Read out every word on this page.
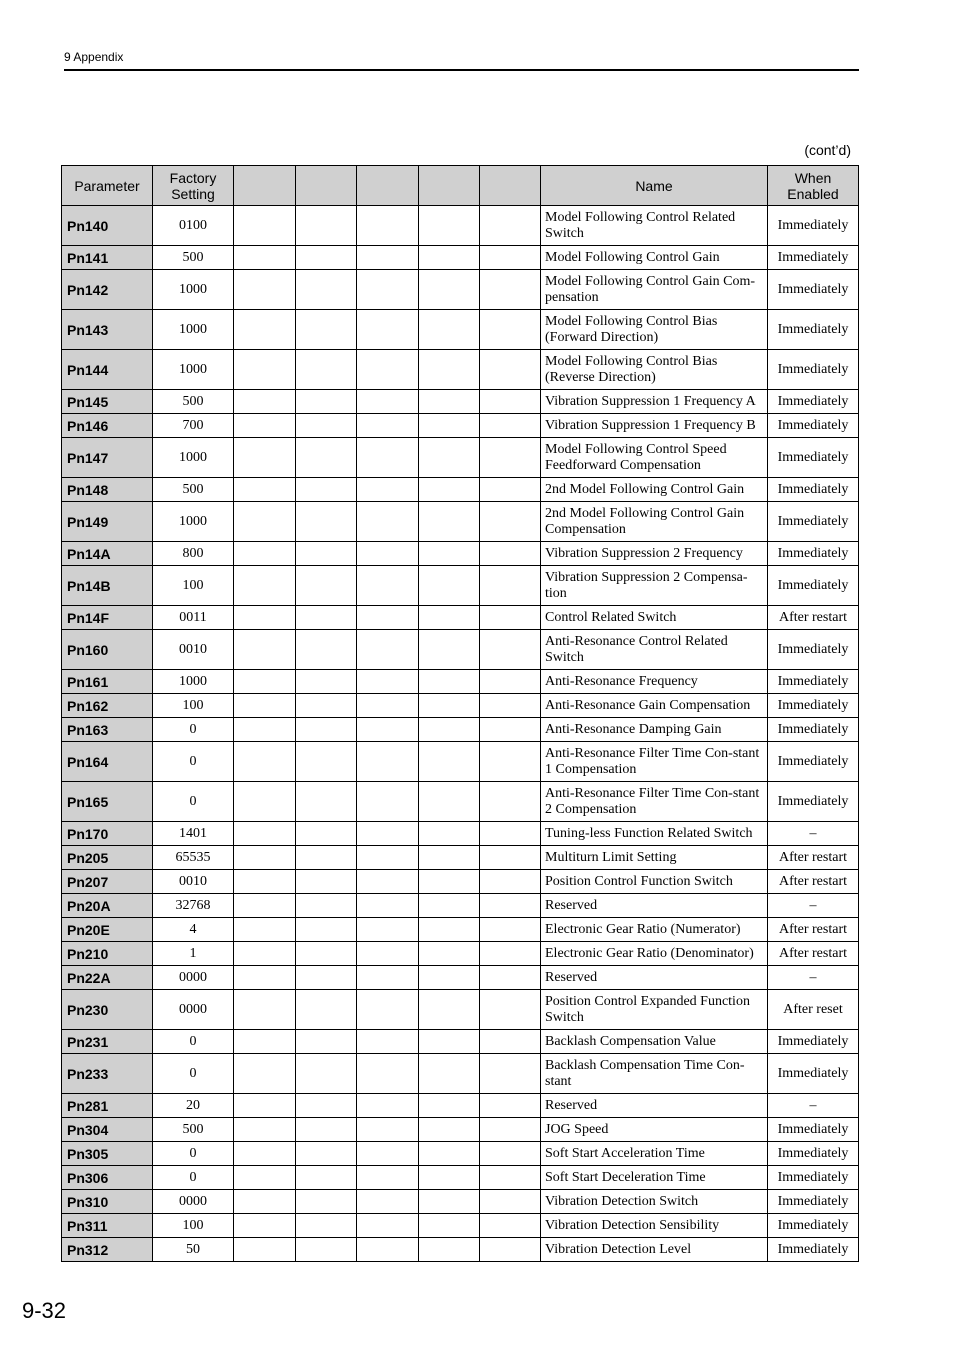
9 Appendix
(cont’d)
Parameter	Factory Setting						Name	When Enabled
Pn140	0100						Model Following Control Related Switch	Immediately
Pn141	500						Model Following Control Gain	Immediately
Pn142	1000						Model Following Control Gain Com-pensation	Immediately
Pn143	1000						Model Following Control Bias (Forward Direction)	Immediately
Pn144	1000						Model Following Control Bias (Reverse Direction)	Immediately
Pn145	500						Vibration Suppression 1 Frequency A	Immediately
Pn146	700						Vibration Suppression 1 Frequency B	Immediately
Pn147	1000						Model Following Control Speed Feedforward Compensation	Immediately
Pn148	500						2nd Model Following Control Gain	Immediately
Pn149	1000						2nd Model Following Control Gain Compensation	Immediately
Pn14A	800						Vibration Suppression 2 Frequency	Immediately
Pn14B	100						Vibration Suppression 2 Compensa-tion	Immediately
Pn14F	0011						Control Related Switch	After restart
Pn160	0010						Anti-Resonance Control Related Switch	Immediately
Pn161	1000						Anti-Resonance Frequency	Immediately
Pn162	100						Anti-Resonance Gain Compensation	Immediately
Pn163	0						Anti-Resonance Damping Gain	Immediately
Pn164	0						Anti-Resonance Filter Time Con-stant 1 Compensation	Immediately
Pn165	0						Anti-Resonance Filter Time Con-stant 2 Compensation	Immediately
Pn170	1401						Tuning-less Function Related Switch	–
Pn205	65535						Multiturn Limit Setting	After restart
Pn207	0010						Position Control Function Switch	After restart
Pn20A	32768						Reserved	–
Pn20E	4						Electronic Gear Ratio (Numerator)	After restart
Pn210	1						Electronic Gear Ratio (Denominator)	After restart
Pn22A	0000						Reserved	–
Pn230	0000						Position Control Expanded Function Switch	After reset
Pn231	0						Backlash Compensation Value	Immediately
Pn233	0						Backlash Compensation Time Con-stant	Immediately
Pn281	20						Reserved	–
Pn304	500						JOG Speed	Immediately
Pn305	0						Soft Start Acceleration Time	Immediately
Pn306	0						Soft Start Deceleration Time	Immediately
Pn310	0000						Vibration Detection Switch	Immediately
Pn311	100						Vibration Detection Sensibility	Immediately
Pn312	50						Vibration Detection Level	Immediately
9-32
